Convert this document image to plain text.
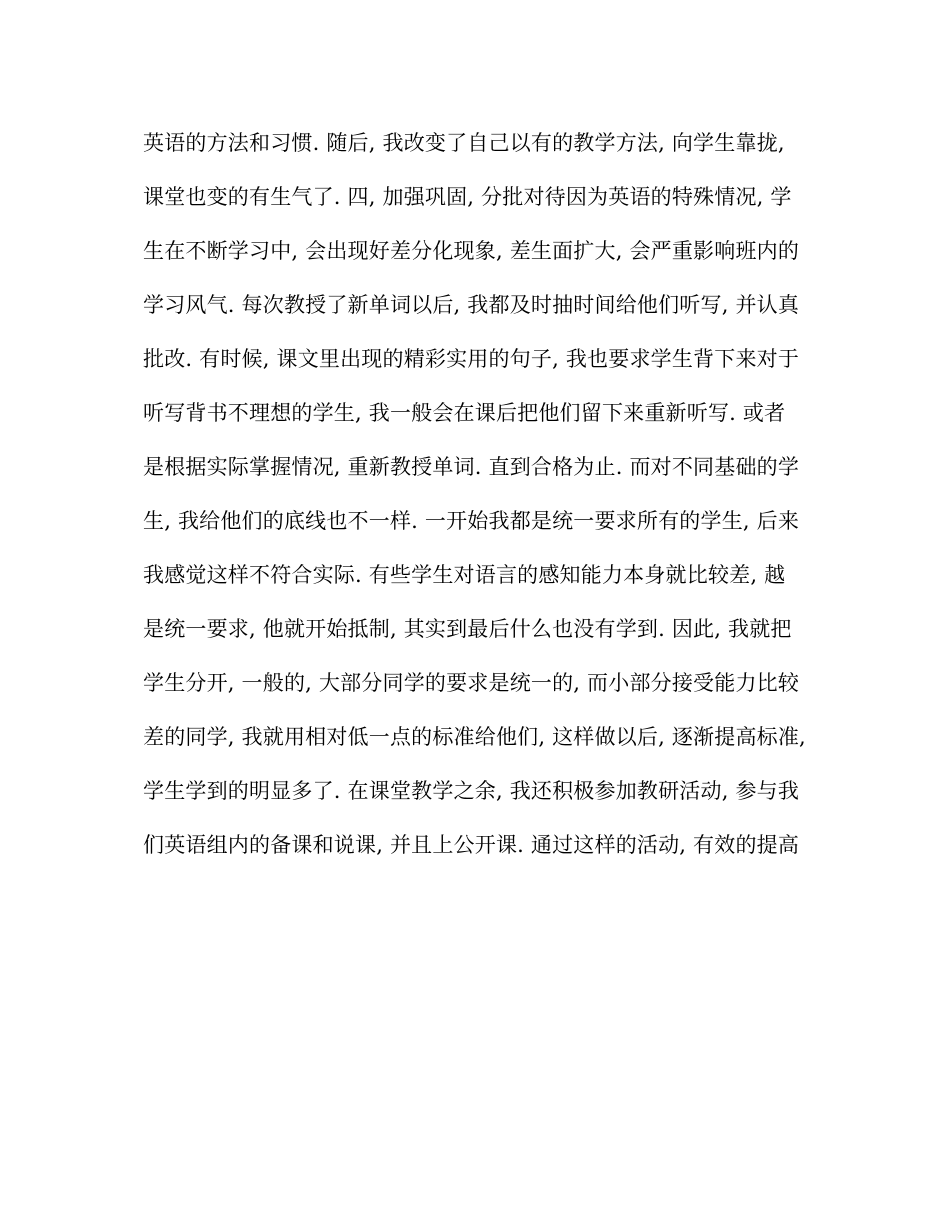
英语的方法和习惯. 随后, 我改变了自己以有的教学方法, 向学生靠拢,
课堂也变的有生气了. 四, 加强巩固, 分批对待因为英语的特殊情况, 学
生在不断学习中, 会出现好差分化现象, 差生面扩大, 会严重影响班内的
学习风气. 每次教授了新单词以后, 我都及时抽时间给他们听写, 并认真
批改. 有时候, 课文里出现的精彩实用的句子, 我也要求学生背下来对于
听写背书不理想的学生, 我一般会在课后把他们留下来重新听写. 或者
是根据实际掌握情况, 重新教授单词. 直到合格为止. 而对不同基础的学
生, 我给他们的底线也不一样. 一开始我都是统一要求所有的学生, 后来
我感觉这样不符合实际. 有些学生对语言的感知能力本身就比较差, 越
是统一要求, 他就开始抵制, 其实到最后什么也没有学到. 因此, 我就把
学生分开, 一般的, 大部分同学的要求是统一的, 而小部分接受能力比较
差的同学, 我就用相对低一点的标准给他们, 这样做以后, 逐渐提高标准,
学生学到的明显多了. 在课堂教学之余, 我还积极参加教研活动, 参与我
们英语组内的备课和说课, 并且上公开课. 通过这样的活动, 有效的提高
